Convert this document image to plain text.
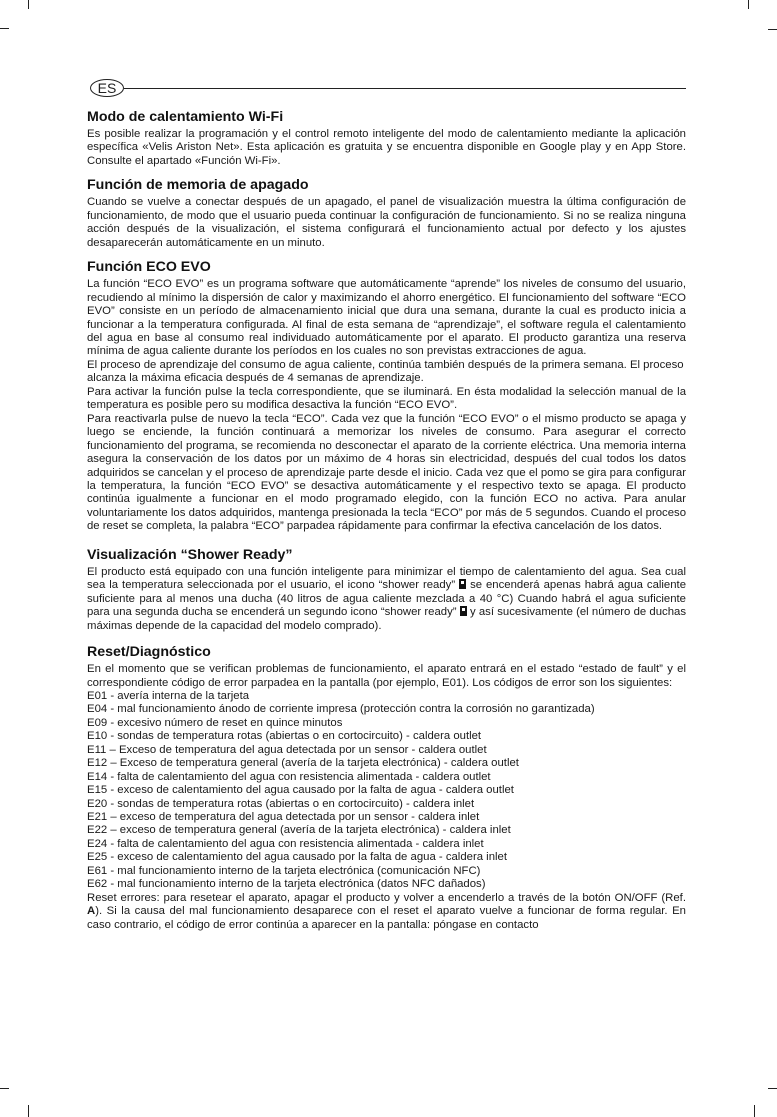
ES
Modo de calentamiento Wi-Fi

Es posible realizar la programación y el control remoto inteligente del modo de calentamiento mediante la aplicación específica «Velis Ariston Net». Esta aplicación es gratuita y se encuentra disponible en Google play y en App Store. Consulte el apartado «Función Wi-Fi».

Función de memoria de apagado

Cuando se vuelve a conectar después de un apagado, el panel de visualización muestra la última configuración de funcionamiento, de modo que el usuario pueda continuar la configuración de funcionamiento. Si no se realiza ninguna acción después de la visualización, el sistema configurará el funcionamiento actual por defecto y los ajustes desaparecerán automáticamente en un minuto.

Función ECO EVO

La función “ECO EVO” es un programa software que automáticamente “aprende” los niveles de consumo del usuario, recudiendo al mínimo la dispersión de calor y maximizando el ahorro energético. El funcionamiento del software “ECO EVO” consiste en un período de almacenamiento inicial que dura una semana, durante la cual es producto inicia a funcionar a la temperatura configurada. Al final de esta semana de “aprendizaje”, el software regula el calentamiento del agua en base al consumo real individuado automáticamente por el aparato. El producto garantiza una reserva mínima de agua caliente durante los períodos en los cuales no son previstas extracciones de agua.

El proceso de aprendizaje del consumo de agua caliente, continúa también después de la primera semana. El proceso alcanza la máxima eficacia después de 4 semanas de aprendizaje.

Para activar la función pulse la tecla correspondiente, que se iluminará. En ésta modalidad la selección manual de la temperatura es posible pero su modifica desactiva la función “ECO EVO”.

Para reactivarla pulse de nuevo la tecla “ECO”. Cada vez que la función “ECO EVO” o el mismo producto se apaga y luego se enciende, la función continuará a memorizar los niveles de consumo. Para asegurar el correcto funcionamiento del programa, se recomienda no desconectar el aparato de la corriente eléctrica. Una memoria interna asegura la conservación de los datos por un máximo de 4 horas sin electricidad, después del cual todos los datos adquiridos se cancelan y el proceso de aprendizaje parte desde el inicio. Cada vez que el pomo se gira para configurar la temperatura, la función “ECO EVO” se desactiva automáticamente y el respectivo texto se apaga. El producto continúa igualmente a funcionar en el modo programado elegido, con la función ECO no activa. Para anular voluntariamente los datos adquiridos, mantenga presionada la tecla “ECO” por más de 5 segundos. Cuando el proceso de reset se completa, la palabra “ECO” parpadea rápidamente para confirmar la efectiva cancelación de los datos.

Visualización “Shower Ready”

El producto está equipado con una función inteligente para minimizar el tiempo de calentamiento del agua. Sea cual sea la temperatura seleccionada por el usuario, el icono “shower ready” se encenderá apenas habrá agua caliente suficiente para al menos una ducha (40 litros de agua caliente mezclada a 40 °C) Cuando habrá el agua suficiente para una segunda ducha se encenderá un segundo icono “shower ready” y así sucesivamente (el número de duchas máximas depende de la capacidad del modelo comprado).

Reset/Diagnóstico

En el momento que se verifican problemas de funcionamiento, el aparato entrará en el estado “estado de fault” y el correspondiente código de error parpadea en la pantalla (por ejemplo, E01). Los códigos de error son los siguientes:

E01 - avería interna de la tarjeta
E04 - mal funcionamiento ánodo de corriente impresa (protección contra la corrosión no garantizada)
E09 - excesivo número de reset en quince minutos
E10 - sondas de temperatura rotas (abiertas o en cortocircuito) - caldera outlet
E11 – Exceso de temperatura del agua detectada por un sensor - caldera outlet
E12 – Exceso de temperatura general (avería de la tarjeta electrónica) - caldera outlet
E14 - falta de calentamiento del agua con resistencia alimentada - caldera outlet
E15 - exceso de calentamiento del agua causado por la falta de agua - caldera outlet
E20 - sondas de temperatura rotas (abiertas o en cortocircuito) - caldera inlet
E21 – exceso de temperatura del agua detectada por un sensor - caldera inlet
E22 – exceso de temperatura general (avería de la tarjeta electrónica) - caldera inlet
E24 - falta de calentamiento del agua con resistencia alimentada - caldera inlet
E25 - exceso de calentamiento del agua causado por la falta de agua - caldera inlet
E61 - mal funcionamiento interno de la tarjeta electrónica (comunicación NFC)
E62 - mal funcionamiento interno de la tarjeta electrónica (datos NFC dañados)

Reset errores: para resetear el aparato, apagar el producto y volver a encenderlo a través de la botón ON/OFF (Ref. A). Si la causa del mal funcionamiento desaparece con el reset el aparato vuelve a funcionar de forma regular. En caso contrario, el código de error continúa a aparecer en la pantalla: póngase en contacto
